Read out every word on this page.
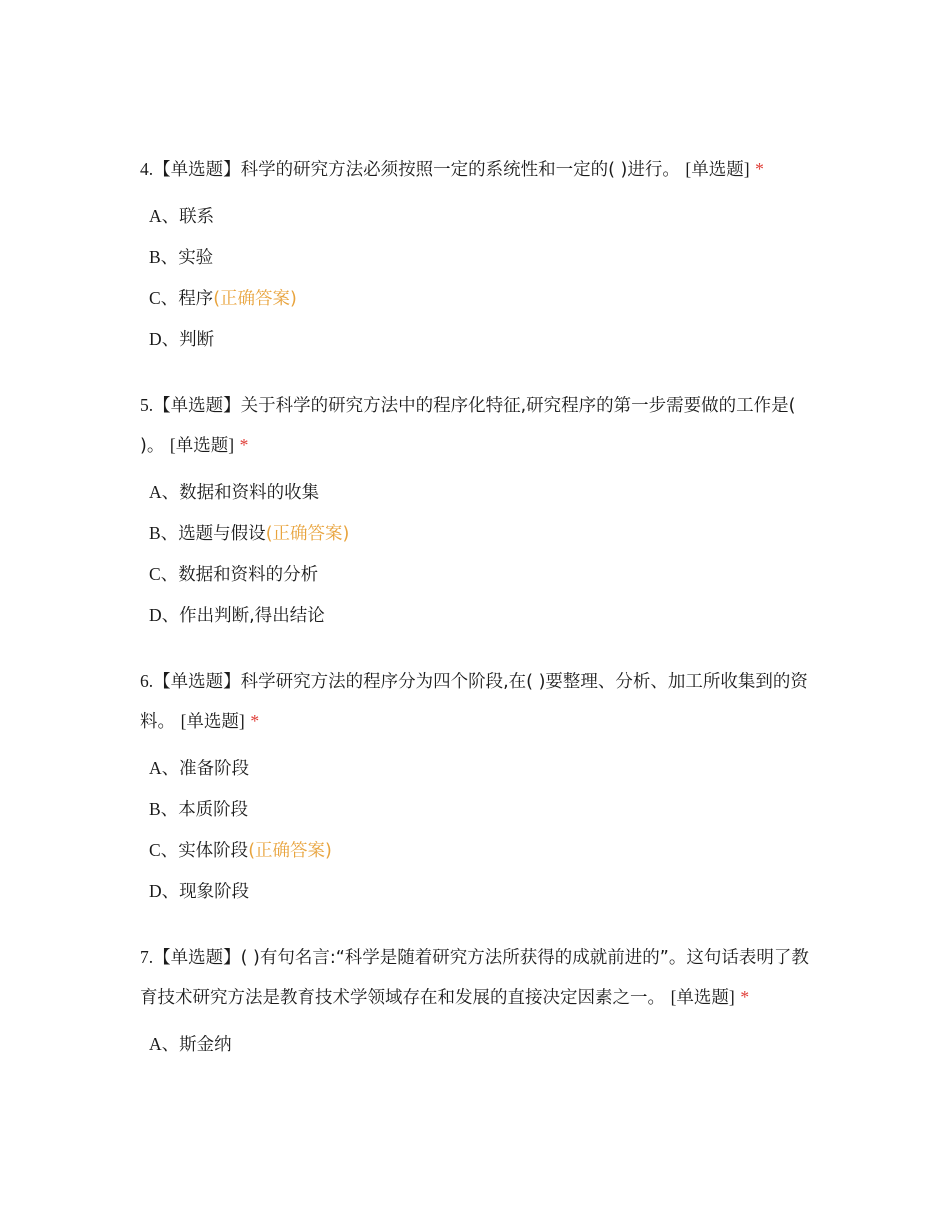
4.【单选题】科学的研究方法必须按照一定的系统性和一定的( )进行。 [单选题] *

A、联系
B、实验
C、程序(正确答案)
D、判断

5.【单选题】关于科学的研究方法中的程序化特征,研究程序的第一步需要做的工作是( )。 [单选题] *

A、数据和资料的收集
B、选题与假设(正确答案)
C、数据和资料的分析
D、作出判断,得出结论

6.【单选题】科学研究方法的程序分为四个阶段,在( )要整理、分析、加工所收集到的资料。 [单选题] *

A、准备阶段
B、本质阶段
C、实体阶段(正确答案)
D、现象阶段

7.【单选题】( )有句名言:“科学是随着研究方法所获得的成就前进的”。这句话表明了教育技术研究方法是教育技术学领域存在和发展的直接决定因素之一。 [单选题] *

A、斯金纳
